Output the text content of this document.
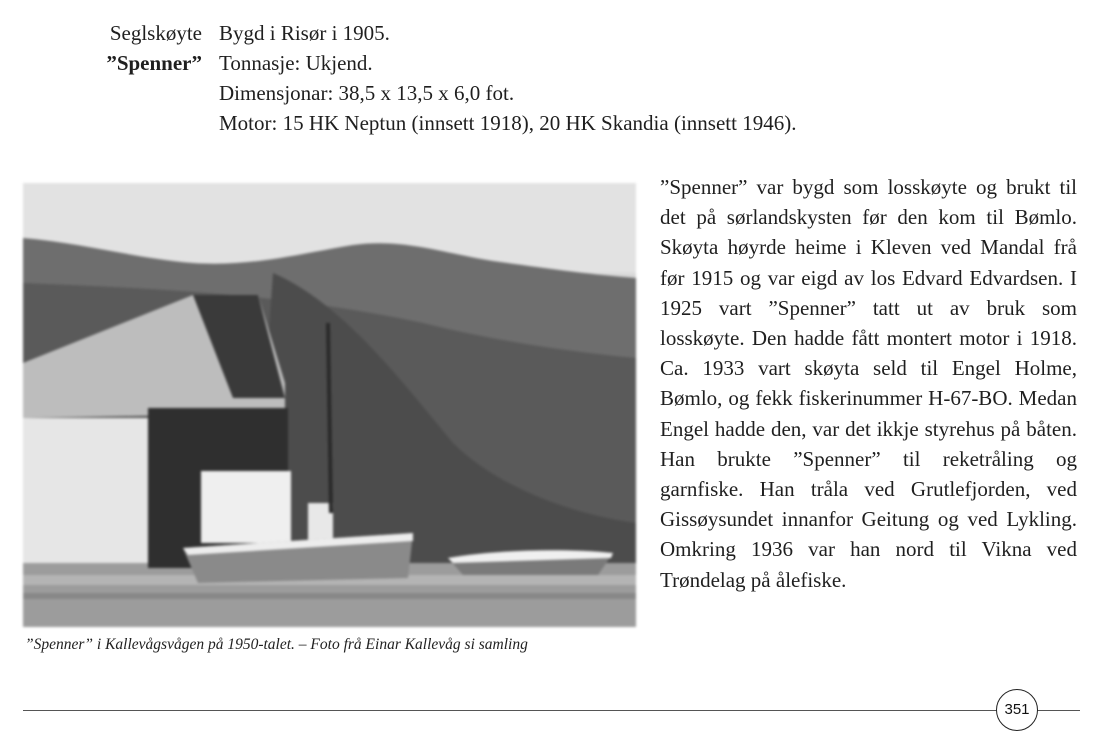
Seglskøyte
”Spenner”
Bygd i Risør i 1905.
Tonnasje: Ukjend.
Dimensjonar: 38,5 x 13,5 x 6,0 fot.
Motor: 15 HK Neptun (innsett 1918), 20 HK Skandia (innsett 1946).
”Spenner” i Kallevågsvågen på 1950-talet. – Foto frå Einar Kallevåg si samling
”Spenner” var bygd som losskøyte og brukt til det på sørlandskysten før den kom til Bømlo. Skøyta høyrde heime i Kleven ved Mandal frå før 1915 og var eigd av los Edvard Edvardsen. I 1925 vart ”Spenner” tatt ut av bruk som losskøyte. Den hadde fått montert motor i 1918. Ca. 1933 vart skøyta seld til Engel Holme, Bømlo, og fekk fiskerinummer H-67-BO. Medan Engel hadde den, var det ikkje styrehus på båten. Han brukte ”Spenner” til reketråling og garnfiske. Han tråla ved Grutlefjorden, ved Gissøysundet innanfor Geitung og ved Lykling. Omkring 1936 var han nord til Vikna ved Trøndelag på ålefiske.
351
